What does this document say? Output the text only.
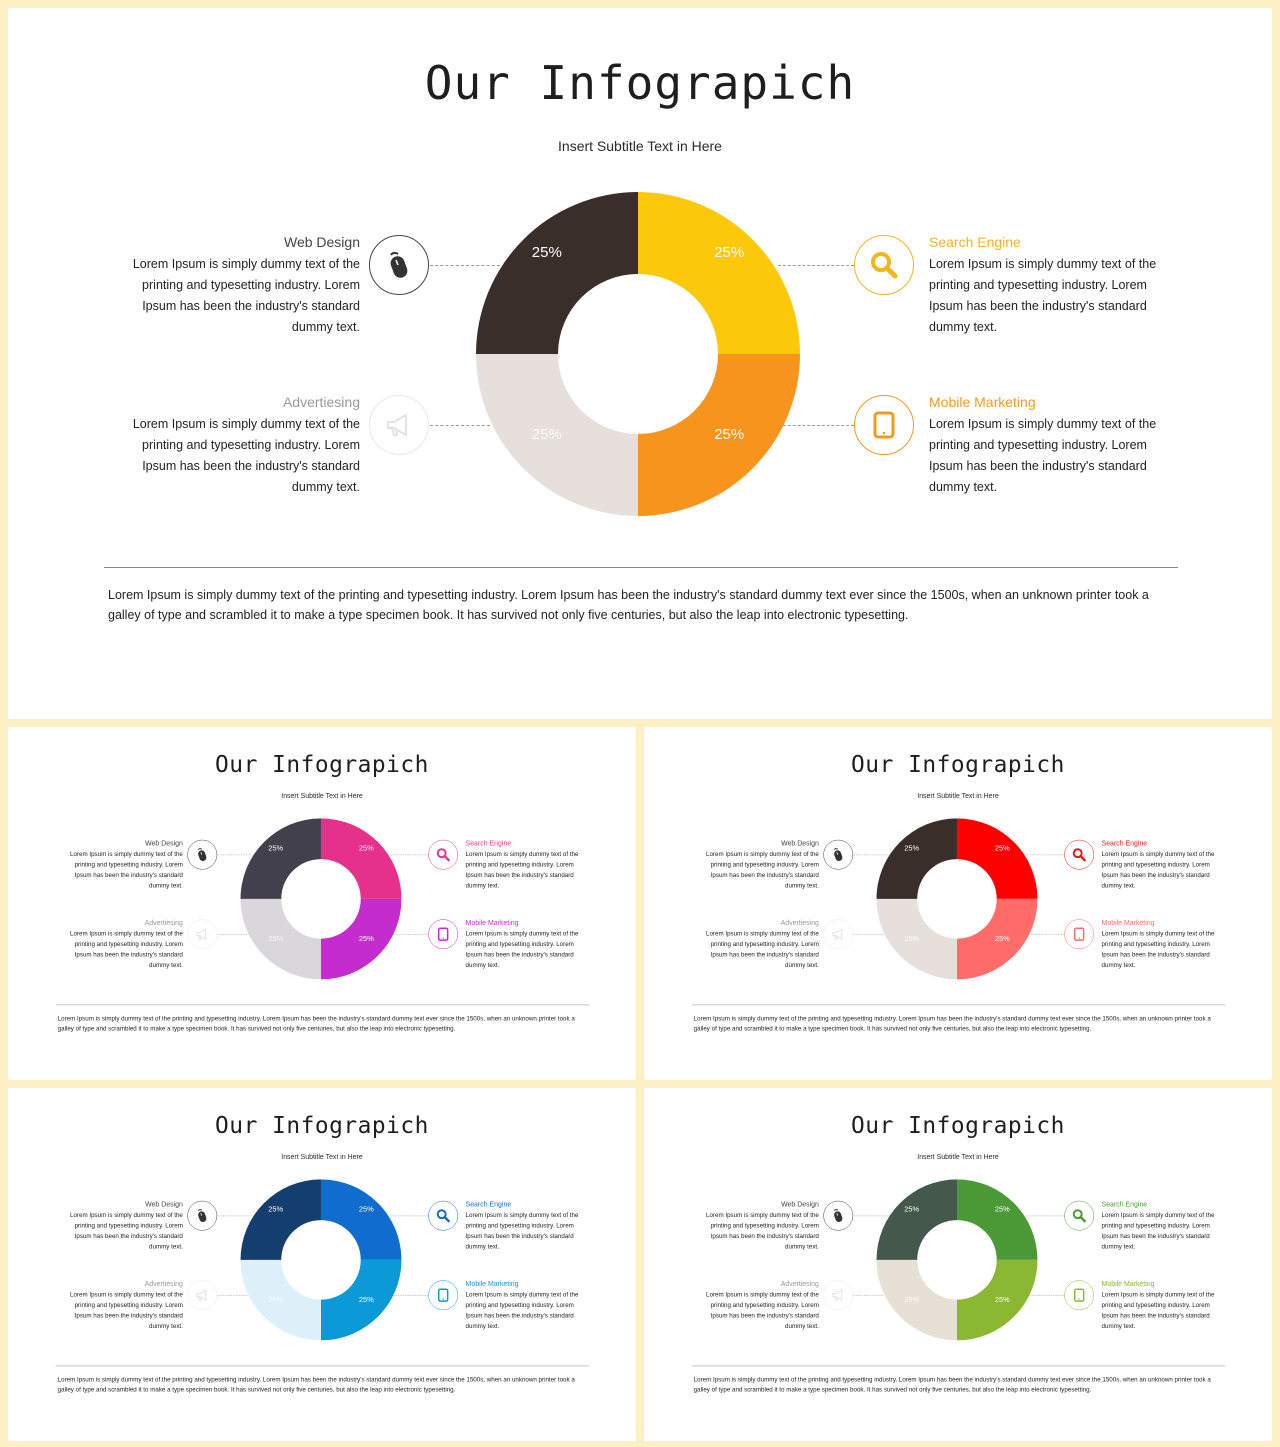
Our Infograpich
Insert Subtitle Text in Here
Web Design
Lorem Ipsum is simply dummy text of the printing and typesetting industry. Lorem Ipsum has been the industry's standard dummy text.
Advertiesing
Lorem Ipsum is simply dummy text of the printing and typesetting industry. Lorem Ipsum has been the industry's standard dummy text.
Search Engine
Lorem Ipsum is simply dummy text of the printing and typesetting industry. Lorem Ipsum has been the industry's standard dummy text.
Mobile Marketing
Lorem Ipsum is simply dummy text of the printing and typesetting industry. Lorem Ipsum has been the industry's standard dummy text.
25%
25%
25%
25%
Lorem Ipsum is simply dummy text of the printing and typesetting industry. Lorem Ipsum has been the industry's standard dummy text ever since the 1500s, when an unknown printer took a galley of type and scrambled it to make a type specimen book. It has survived not only five centuries, but also the leap into electronic typesetting.
Our Infograpich
Insert Subtitle Text in Here
Web Design
Lorem Ipsum is simply dummy text of the printing and typesetting industry. Lorem Ipsum has been the industry's standard dummy text.
Advertiesing
Lorem Ipsum is simply dummy text of the printing and typesetting industry. Lorem Ipsum has been the industry's standard dummy text.
Search Engine
Lorem Ipsum is simply dummy text of the printing and typesetting industry. Lorem Ipsum has been the industry's standard dummy text.
Mobile Marketing
Lorem Ipsum is simply dummy text of the printing and typesetting industry. Lorem Ipsum has been the industry's standard dummy text.
25%
25%
25%
25%
Lorem Ipsum is simply dummy text of the printing and typesetting industry. Lorem Ipsum has been the industry's standard dummy text ever since the 1500s, when an unknown printer took a galley of type and scrambled it to make a type specimen book. It has survived not only five centuries, but also the leap into electronic typesetting.
Our Infograpich
Insert Subtitle Text in Here
Web Design
Lorem Ipsum is simply dummy text of the printing and typesetting industry. Lorem Ipsum has been the industry's standard dummy text.
Advertiesing
Lorem Ipsum is simply dummy text of the printing and typesetting industry. Lorem Ipsum has been the industry's standard dummy text.
Search Engine
Lorem Ipsum is simply dummy text of the printing and typesetting industry. Lorem Ipsum has been the industry's standard dummy text.
Mobile Marketing
Lorem Ipsum is simply dummy text of the printing and typesetting industry. Lorem Ipsum has been the industry's standard dummy text.
25%
25%
25%
25%
Lorem Ipsum is simply dummy text of the printing and typesetting industry. Lorem Ipsum has been the industry's standard dummy text ever since the 1500s, when an unknown printer took a galley of type and scrambled it to make a type specimen book. It has survived not only five centuries, but also the leap into electronic typesetting.
Our Infograpich
Insert Subtitle Text in Here
Web Design
Lorem Ipsum is simply dummy text of the printing and typesetting industry. Lorem Ipsum has been the industry's standard dummy text.
Advertiesing
Lorem Ipsum is simply dummy text of the printing and typesetting industry. Lorem Ipsum has been the industry's standard dummy text.
Search Engine
Lorem Ipsum is simply dummy text of the printing and typesetting industry. Lorem Ipsum has been the industry's standard dummy text.
Mobile Marketing
Lorem Ipsum is simply dummy text of the printing and typesetting industry. Lorem Ipsum has been the industry's standard dummy text.
25%
25%
25%
25%
Lorem Ipsum is simply dummy text of the printing and typesetting industry. Lorem Ipsum has been the industry's standard dummy text ever since the 1500s, when an unknown printer took a galley of type and scrambled it to make a type specimen book. It has survived not only five centuries, but also the leap into electronic typesetting.
Our Infograpich
Insert Subtitle Text in Here
Web Design
Lorem Ipsum is simply dummy text of the printing and typesetting industry. Lorem Ipsum has been the industry's standard dummy text.
Advertiesing
Lorem Ipsum is simply dummy text of the printing and typesetting industry. Lorem Ipsum has been the industry's standard dummy text.
Search Engine
Lorem Ipsum is simply dummy text of the printing and typesetting industry. Lorem Ipsum has been the industry's standard dummy text.
Mobile Marketing
Lorem Ipsum is simply dummy text of the printing and typesetting industry. Lorem Ipsum has been the industry's standard dummy text.
25%
25%
25%
25%
Lorem Ipsum is simply dummy text of the printing and typesetting industry. Lorem Ipsum has been the industry's standard dummy text ever since the 1500s, when an unknown printer took a galley of type and scrambled it to make a type specimen book. It has survived not only five centuries, but also the leap into electronic typesetting.
